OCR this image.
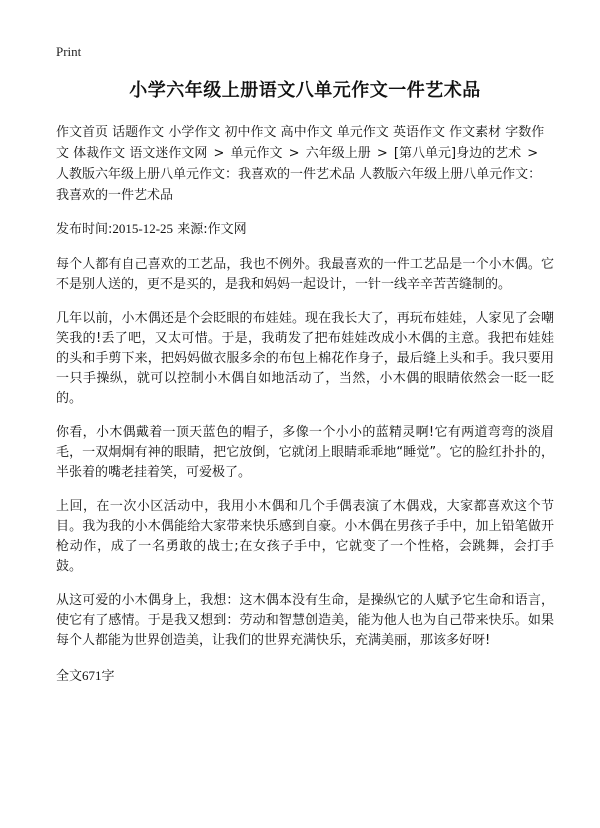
Print
小学六年级上册语文八单元作文一件艺术品
作文首页 话题作文 小学作文 初中作文 高中作文 单元作文 英语作文 作文素材 字数作文 体裁作文 语文迷作文网 > 单元作文 > 六年级上册 > [第八单元]身边的艺术 > 人教版六年级上册八单元作文：我喜欢的一件艺术品 人教版六年级上册八单元作文：我喜欢的一件艺术品
发布时间:2015-12-25 来源:作文网

每个人都有自己喜欢的工艺品，我也不例外。我最喜欢的一件工艺品是一个小木偶。它不是别人送的，更不是买的，是我和妈妈一起设计，一针一线辛辛苦苦缝制的。

几年以前，小木偶还是个会眨眼的布娃娃。现在我长大了，再玩布娃娃，人家见了会嘲笑我的!丢了吧，又太可惜。于是，我萌发了把布娃娃改成小木偶的主意。我把布娃娃的头和手剪下来，把妈妈做衣服多余的布包上棉花作身子，最后缝上头和手。我只要用一只手操纵，就可以控制小木偶自如地活动了，当然，小木偶的眼睛依然会一眨一眨的。

你看，小木偶戴着一顶天蓝色的帽子，多像一个小小的蓝精灵啊!它有两道弯弯的淡眉毛，一双炯炯有神的眼睛，把它放倒，它就闭上眼睛乖乖地“睡觉”。它的脸红扑扑的，半张着的嘴老挂着笑，可爱极了。

上回，在一次小区活动中，我用小木偶和几个手偶表演了木偶戏，大家都喜欢这个节目。我为我的小木偶能给大家带来快乐感到自豪。小木偶在男孩子手中，加上铅笔做开枪动作，成了一名勇敢的战士;在女孩子手中，它就变了一个性格，会跳舞，会打手鼓。

从这可爱的小木偶身上，我想：这木偶本没有生命，是操纵它的人赋予它生命和语言，使它有了感情。于是我又想到：劳动和智慧创造美，能为他人也为自己带来快乐。如果每个人都能为世界创造美，让我们的世界充满快乐，充满美丽，那该多好呀!

全文671字
